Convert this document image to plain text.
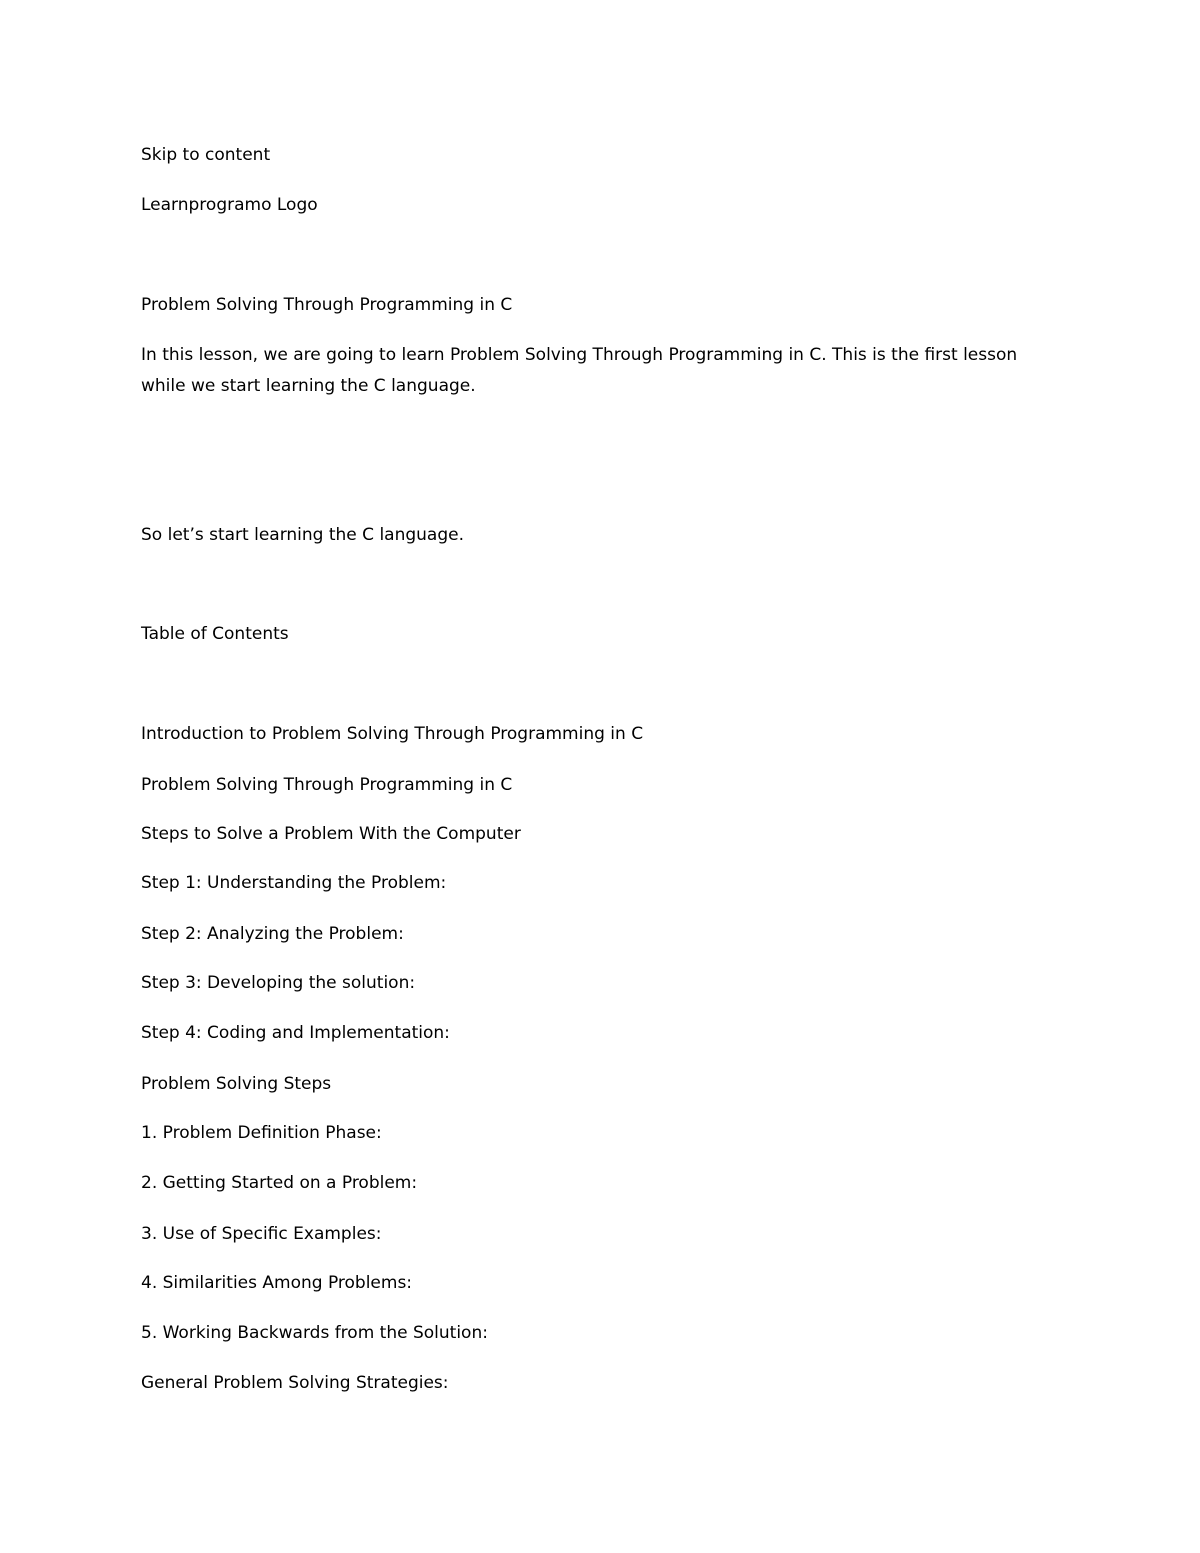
Skip to content
Learnprogramo Logo
Problem Solving Through Programming in C
In this lesson, we are going to learn Problem Solving Through Programming in C. This is the first lesson
while we start learning the C language.
So let’s start learning the C language.
Table of Contents
Introduction to Problem Solving Through Programming in C
Problem Solving Through Programming in C
Steps to Solve a Problem With the Computer
Step 1: Understanding the Problem:
Step 2: Analyzing the Problem:
Step 3: Developing the solution:
Step 4: Coding and Implementation:
Problem Solving Steps
1. Problem Definition Phase:
2. Getting Started on a Problem:
3. Use of Specific Examples:
4. Similarities Among Problems:
5. Working Backwards from the Solution:
General Problem Solving Strategies:
